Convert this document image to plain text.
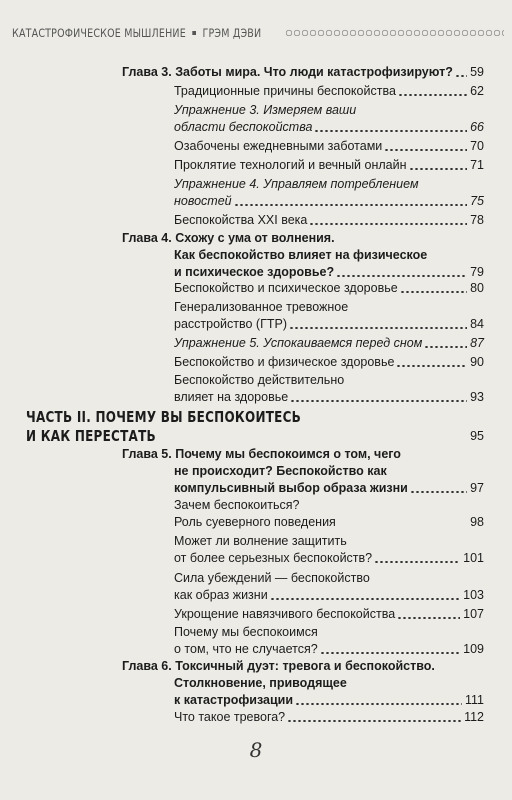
КАТАСТРОФИЧЕСКОЕ МЫШЛЕНИЕ ГРЭМ ДЭВИ
Глава 3. Заботы мира. Что люди катастрофизируют? 59
Традиционные причины беспокойства	62
Упражнение 3. Измеряем ваши
области беспокойства	66
Озабочены ежедневными заботами	70
Проклятие технологий и вечный онлайн	71
Упражнение 4. Управляем потреблением
новостей	75
Беспокойства XXI века	78
Глава 4. Схожу с ума от волнения.
Как беспокойство влияет на физическое
и психическое здоровье?	79
Беспокойство и психическое здоровье	80
Генерализованное тревожное
расстройство (ГТР)	84
Упражнение 5. Успокаиваемся перед сном	87
Беспокойство и физическое здоровье	90
Беспокойство действительно
влияет на здоровье	93
ЧАСТЬ II. ПОЧЕМУ ВЫ БЕСПОКОИТЕСЬ
И КАК ПЕРЕСТАТЬ	95
Глава 5. Почему мы беспокоимся о том, чего
не происходит? Беспокойство как
компульсивный выбор образа жизни	97
Зачем беспокоиться?
Роль суеверного поведения	98
Может ли волнение защитить
от более серьезных беспокойств?	101
Сила убеждений — беспокойство
как образ жизни	103
Укрощение навязчивого беспокойства	107
Почему мы беспокоимся
о том, что не случается?	109
Глава 6. Токсичный дуэт: тревога и беспокойство.
Столкновение, приводящее
к катастрофизации	111
Что такое тревога?	112
8
